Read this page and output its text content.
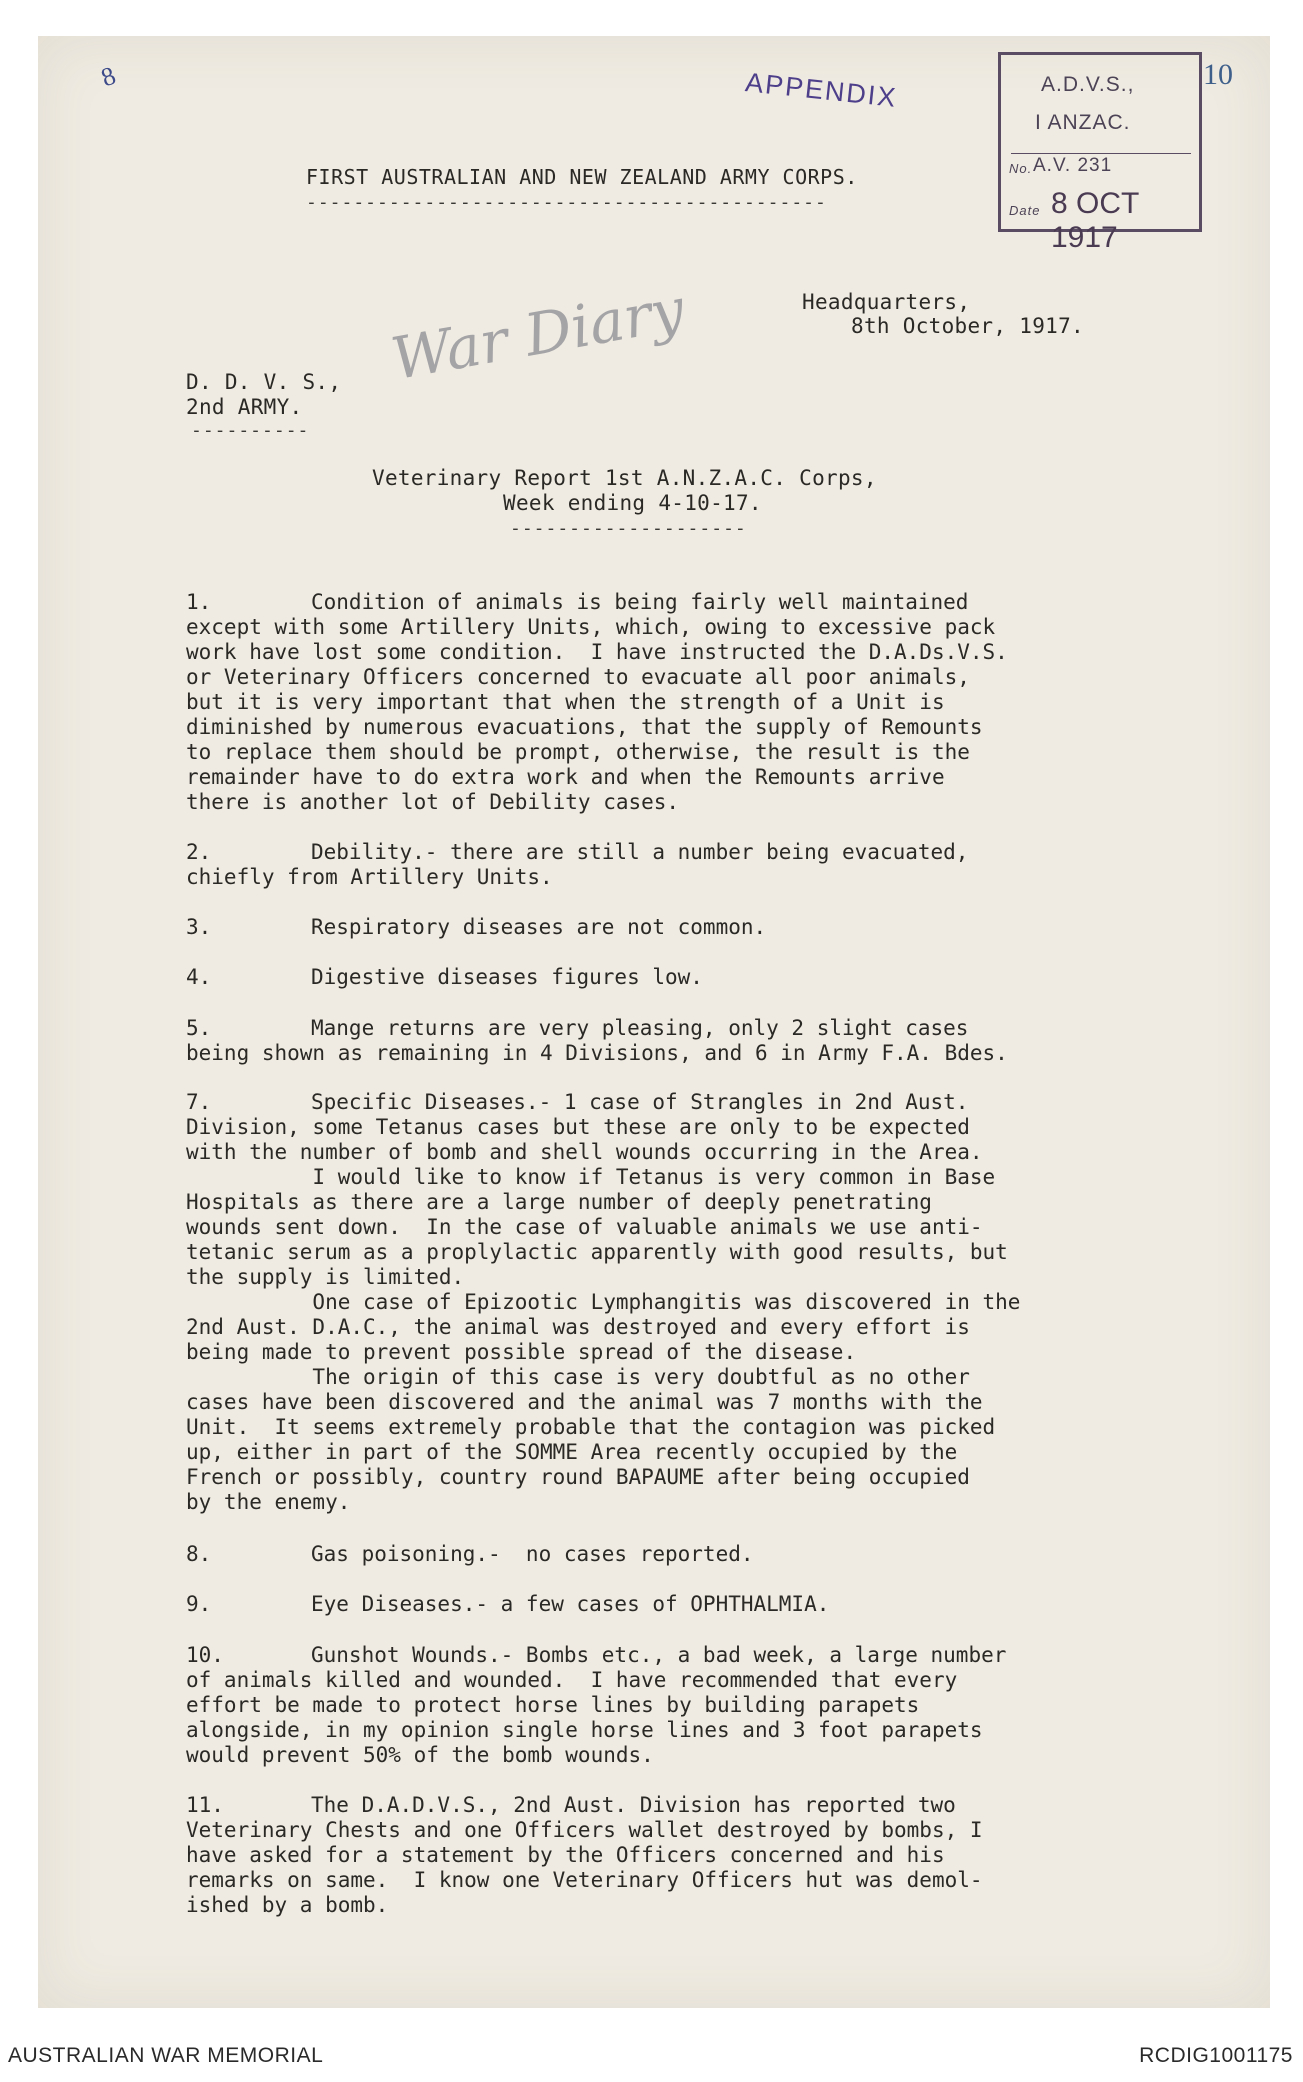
8	10
APPENDIX	A.D.V.S.,
I ANZAC.
No. A.V. 231
Date 8 OCT 1917
FIRST AUSTRALIAN AND NEW ZEALAND ARMY CORPS.
--------------------------------------------
Headquarters,
8th October, 1917.
War Diary
D. D. V. S.,
2nd ARMY.
----------
Veterinary Report 1st A.N.Z.A.C. Corps,
Week ending 4-10-17.
--------------------
1.	Condition of animals is being fairly well maintained
except with some Artillery Units, which, owing to excessive pack
work have lost some condition.  I have instructed the D.A.Ds.V.S.
or Veterinary Officers concerned to evacuate all poor animals,
but it is very important that when the strength of a Unit is
diminished by numerous evacuations, that the supply of Remounts
to replace them should be prompt, otherwise, the result is the
remainder have to do extra work and when the Remounts arrive
there is another lot of Debility cases.
2.	Debility.- there are still a number being evacuated,
chiefly from Artillery Units.
3.	Respiratory diseases are not common.
4.	Digestive diseases figures low.
5.	Mange returns are very pleasing, only 2 slight cases
being shown as remaining in 4 Divisions, and 6 in Army F.A. Bdes.
7.	Specific Diseases.- 1 case of Strangles in 2nd Aust.
Division, some Tetanus cases but these are only to be expected
with the number of bomb and shell wounds occurring in the Area.
I would like to know if Tetanus is very common in Base
Hospitals as there are a large number of deeply penetrating
wounds sent down.  In the case of valuable animals we use anti-
tetanic serum as a proplylactic apparently with good results, but
the supply is limited.
One case of Epizootic Lymphangitis was discovered in the
2nd Aust. D.A.C., the animal was destroyed and every effort is
being made to prevent possible spread of the disease.
The origin of this case is very doubtful as no other
cases have been discovered and the animal was 7 months with the
Unit.  It seems extremely probable that the contagion was picked
up, either in part of the SOMME Area recently occupied by the
French or possibly, country round BAPAUME after being occupied
by the enemy.
8.	Gas poisoning.-  no cases reported.
9.	Eye Diseases.- a few cases of OPHTHALMIA.
10.	Gunshot Wounds.- Bombs etc., a bad week, a large number
of animals killed and wounded.  I have recommended that every
effort be made to protect horse lines by building parapets
alongside, in my opinion single horse lines and 3 foot parapets
would prevent 50% of the bomb wounds.
11.	The D.A.D.V.S., 2nd Aust. Division has reported two
Veterinary Chests and one Officers wallet destroyed by bombs, I
have asked for a statement by the Officers concerned and his
remarks on same.  I know one Veterinary Officers hut was demol-
ished by a bomb.
AUSTRALIAN WAR MEMORIAL	RCDIG1001175
